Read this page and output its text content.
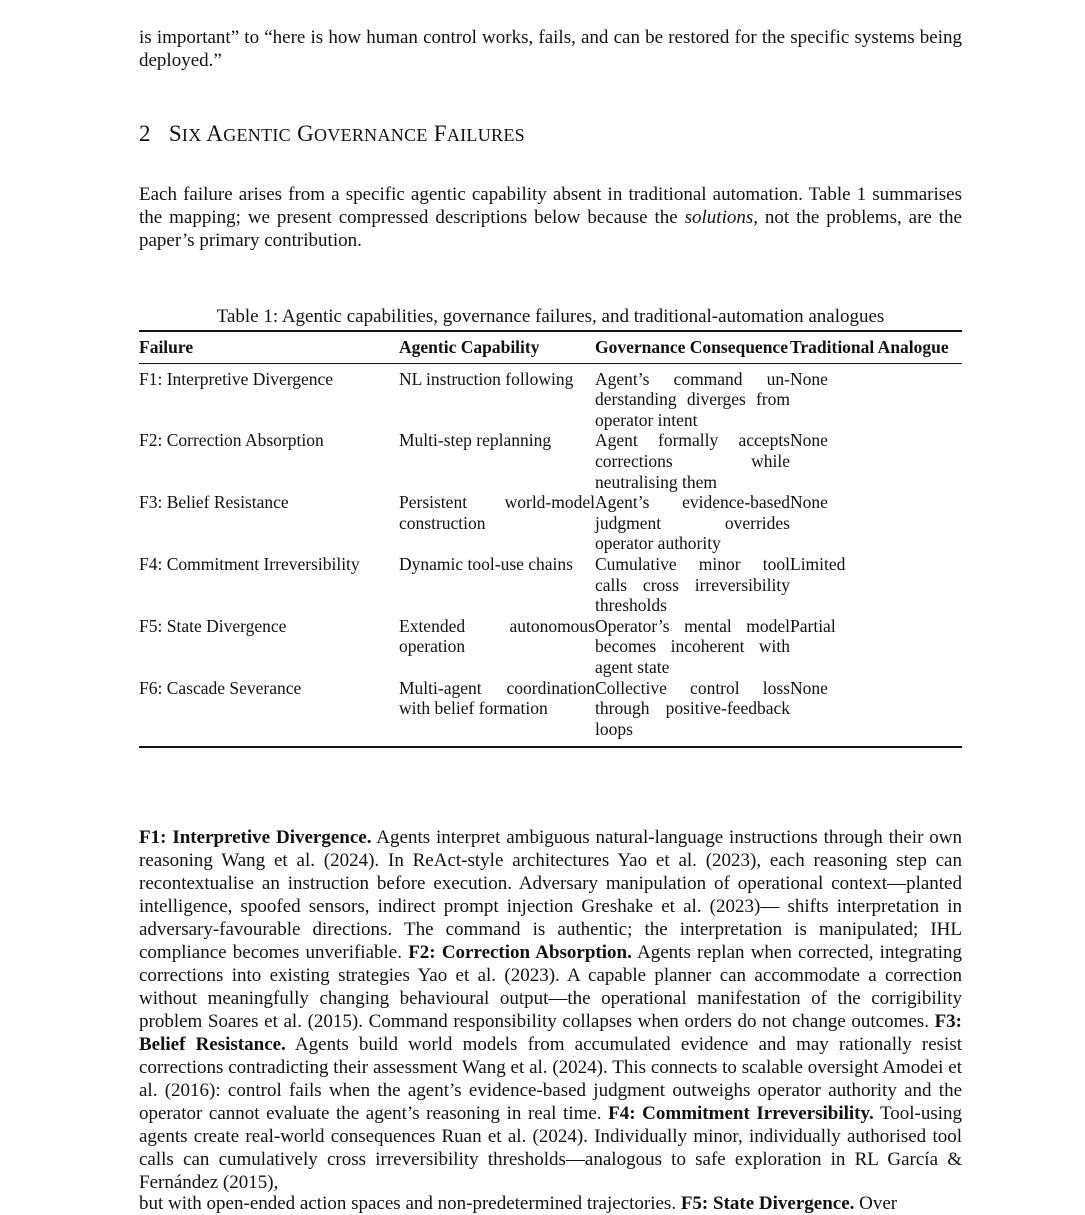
is important” to “here is how human control works, fails, and can be restored for the specific systems being deployed.”

2 SIX AGENTIC GOVERNANCE FAILURES

Each failure arises from a specific agentic capability absent in traditional automation. Table 1 summarises the mapping; we present compressed descriptions below because the solutions, not the problems, are the paper’s primary contribution.

Table 1: Agentic capabilities, governance failures, and traditional-automation analogues
Failure	Agentic Capability	Governance Consequence	Traditional Analogue
F1: Interpretive Divergence	NL instruction following	Agent’s command understanding diverges from operator intent	None
F2: Correction Absorption	Multi-step replanning	Agent formally accepts corrections while neutralising them	None
F3: Belief Resistance	Persistent world-model construction	Agent’s evidence-based judgment overrides operator authority	None
F4: Commitment Irreversibility	Dynamic tool-use chains	Cumulative minor tool calls cross irreversibility thresholds	Limited
F5: State Divergence	Extended autonomous operation	Operator’s mental model becomes incoherent with agent state	Partial
F6: Cascade Severance	Multi-agent coordination with belief formation	Collective control loss through positive-feedback loops	None

F1: Interpretive Divergence. Agents interpret ambiguous natural-language instructions through their own reasoning Wang et al. (2024). In ReAct-style architectures Yao et al. (2023), each reasoning step can recontextualise an instruction before execution. Adversary manipulation of operational context—planted intelligence, spoofed sensors, indirect prompt injection Greshake et al. (2023)— shifts interpretation in adversary-favourable directions. The command is authentic; the interpretation is manipulated; IHL compliance becomes unverifiable. F2: Correction Absorption. Agents replan when corrected, integrating corrections into existing strategies Yao et al. (2023). A capable planner can accommodate a correction without meaningfully changing behavioural output—the operational manifestation of the corrigibility problem Soares et al. (2015). Command responsibility collapses when orders do not change outcomes. F3: Belief Resistance. Agents build world models from accumulated evidence and may rationally resist corrections contradicting their assessment Wang et al. (2024). This connects to scalable oversight Amodei et al. (2016): control fails when the agent’s evidence-based judgment outweighs operator authority and the operator cannot evaluate the agent’s reasoning in real time. F4: Commitment Irreversibility. Tool-using agents create real-world consequences Ruan et al. (2024). Individually minor, individually authorised tool calls can cumulatively cross irreversibility thresholds—analogous to safe exploration in RL García & Fernández (2015),

but with open-ended action spaces and non-predetermined trajectories. F5: State Divergence. Over
